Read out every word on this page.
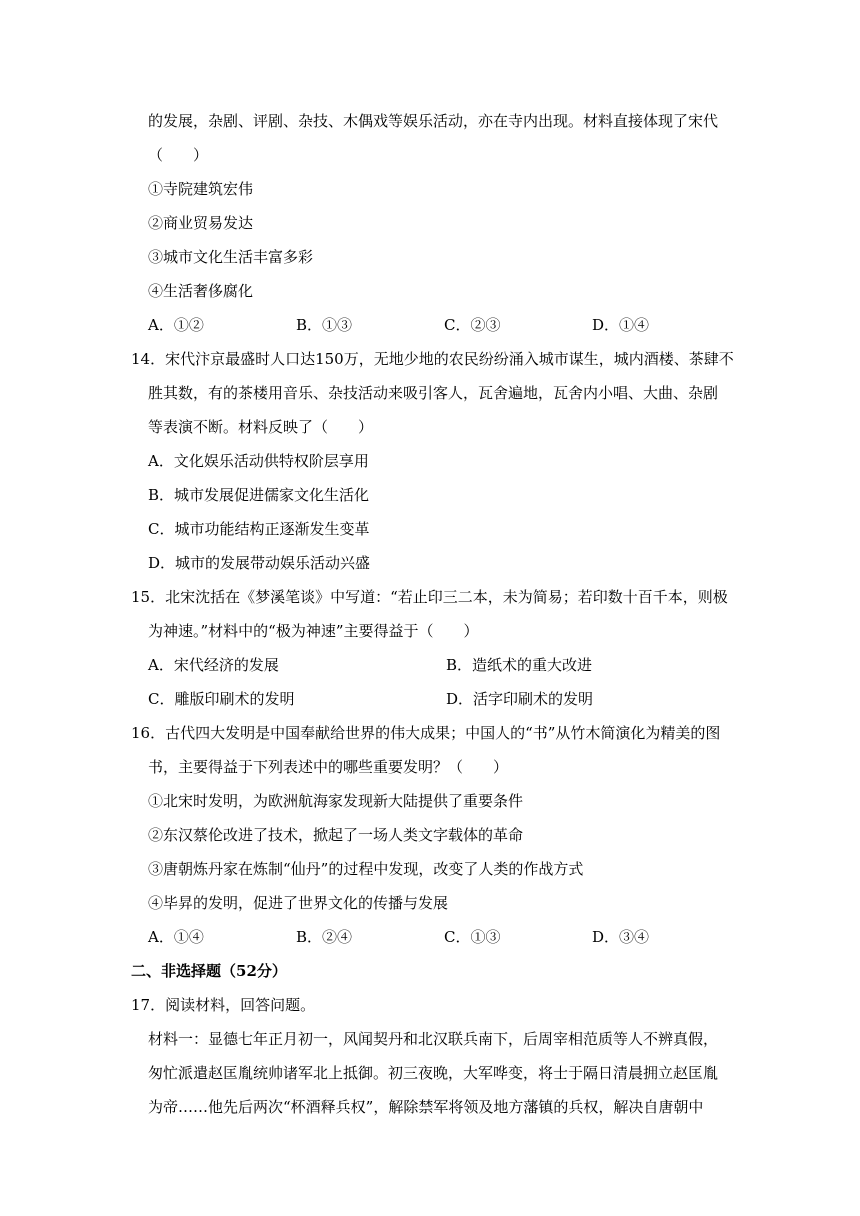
的发展，杂剧、评剧、杂技、木偶戏等娱乐活动，亦在寺内出现。材料直接体现了宋代
（　　）
①寺院建筑宏伟
②商业贸易发达
③城市文化生活丰富多彩
④生活奢侈腐化
A．①②	B．①③	C．②③	D．①④
14．宋代汴京最盛时人口达150万，无地少地的农民纷纷涌入城市谋生，城内酒楼、茶肆不
胜其数，有的茶楼用音乐、杂技活动来吸引客人，瓦舍遍地，瓦舍内小唱、大曲、杂剧
等表演不断。材料反映了（　　）
A．文化娱乐活动供特权阶层享用
B．城市发展促进儒家文化生活化
C．城市功能结构正逐渐发生变革
D．城市的发展带动娱乐活动兴盛
15．北宋沈括在《梦溪笔谈》中写道：“若止印三二本，未为简易；若印数十百千本，则极
为神速。”材料中的“极为神速”主要得益于（　　）
A．宋代经济的发展	B．造纸术的重大改进
C．雕版印刷术的发明	D．活字印刷术的发明
16．古代四大发明是中国奉献给世界的伟大成果；中国人的“书”从竹木简演化为精美的图
书，主要得益于下列表述中的哪些重要发明？（　　）
①北宋时发明，为欧洲航海家发现新大陆提供了重要条件
②东汉蔡伦改进了技术，掀起了一场人类文字载体的革命
③唐朝炼丹家在炼制“仙丹”的过程中发现，改变了人类的作战方式
④毕昇的发明，促进了世界文化的传播与发展
A．①④	B．②④	C．①③	D．③④
二、非选择题（52分）
17．阅读材料，回答问题。
材料一：显德七年正月初一，风闻契丹和北汉联兵南下，后周宰相范质等人不辨真假，
匆忙派遣赵匡胤统帅诸军北上抵御。初三夜晚，大军哗变，将士于隔日清晨拥立赵匡胤
为帝……他先后两次“杯酒释兵权”，解除禁军将领及地方藩镇的兵权，解决自唐朝中
